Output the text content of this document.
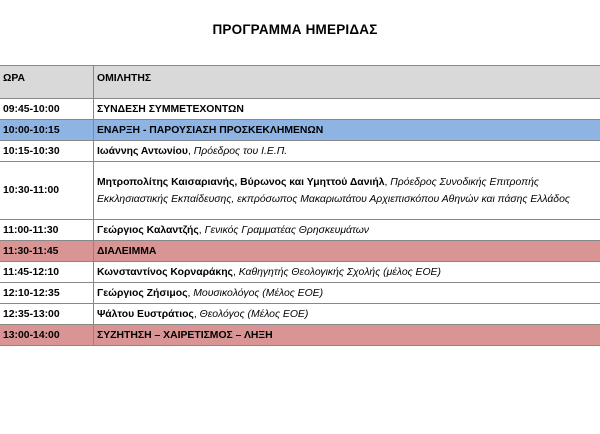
ΠΡΟΓΡΑΜΜΑ ΗΜΕΡΙΔΑΣ
ΩΡΑ	ΟΜΙΛΗΤΗΣ
09:45-10:00	ΣΥΝΔΕΣΗ ΣΥΜΜΕΤΕΧΟΝΤΩΝ
10:00-10:15	ΕΝΑΡΞΗ - ΠΑΡΟΥΣΙΑΣΗ ΠΡΟΣΚΕΚΛΗΜΕΝΩΝ
10:15-10:30	Ιωάννης Αντωνίου, Πρόεδρος του Ι.Ε.Π.
10:30-11:00	Μητροπολίτης Καισαριανής, Βύρωνος και Υμηττού Δανιήλ, Πρόεδρος Συνοδικής Επιτροπής Εκκλησιαστικής Εκπαίδευσης, εκπρόσωπος Μακαριωτάτου Αρχιεπισκόπου Αθηνών και πάσης Ελλάδος
11:00-11:30	Γεώργιος Καλαντζής, Γενικός Γραμματέας Θρησκευμάτων
11:30-11:45	ΔΙΑΛΕΙΜΜΑ
11:45-12:10	Κωνσταντίνος Κορναράκης, Καθηγητής Θεολογικής Σχολής (μέλος ΕΟΕ)
12:10-12:35	Γεώργιος Ζήσιμος, Μουσικολόγος (Μέλος ΕΟΕ)
12:35-13:00	Ψάλτου Ευστράτιος, Θεολόγος (Μέλος ΕΟΕ)
13:00-14:00	ΣΥΖΗΤΗΣΗ – ΧΑΙΡΕΤΙΣΜΟΣ – ΛΗΞΗ
